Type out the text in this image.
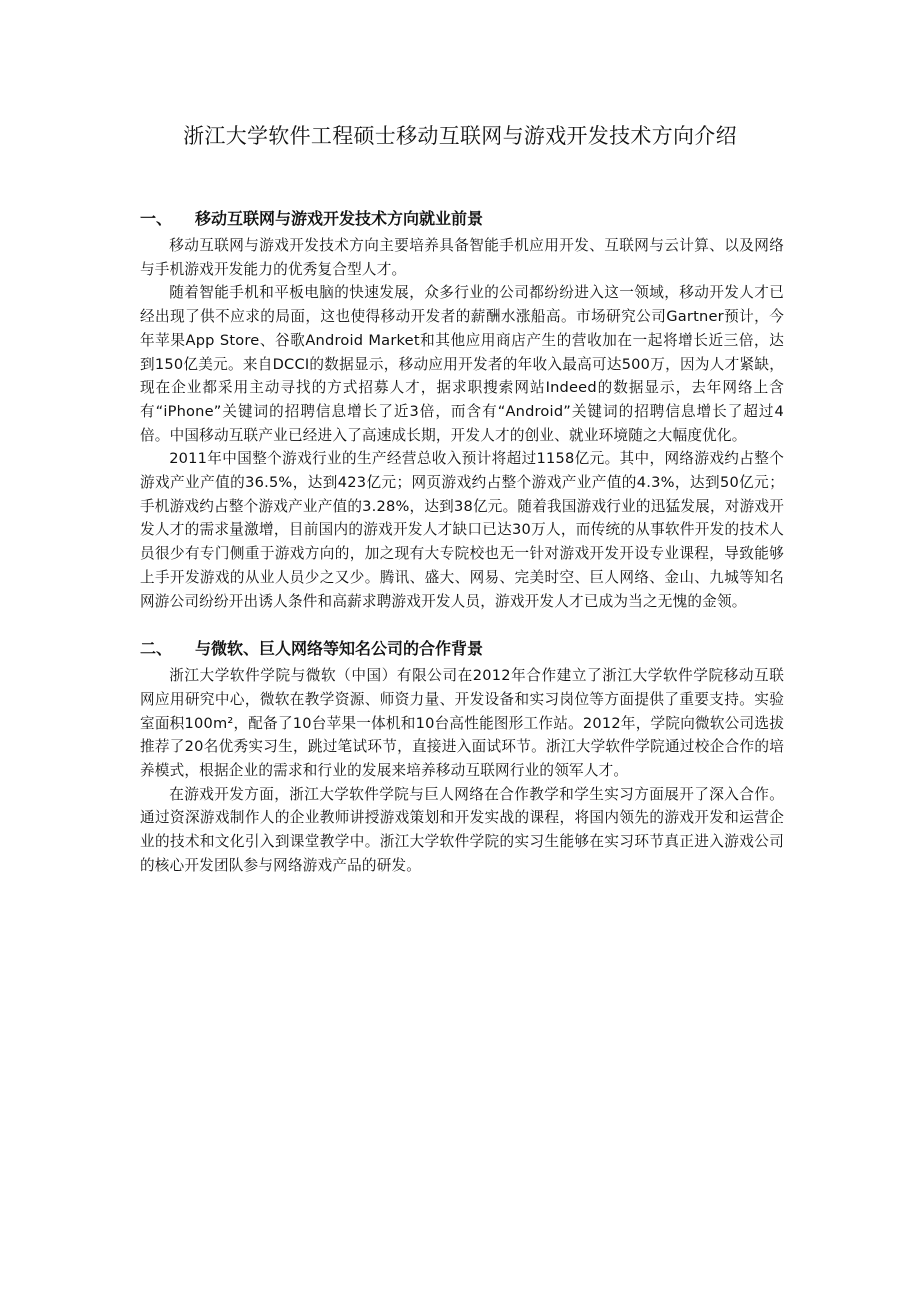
浙江大学软件工程硕士移动互联网与游戏开发技术方向介绍
一、	移动互联网与游戏开发技术方向就业前景

移动互联网与游戏开发技术方向主要培养具备智能手机应用开发、互联网与云计算、以及网络与手机游戏开发能力的优秀复合型人才。

随着智能手机和平板电脑的快速发展，众多行业的公司都纷纷进入这一领域，移动开发人才已经出现了供不应求的局面，这也使得移动开发者的薪酬水涨船高。市场研究公司Gartner预计，今年苹果App Store、谷歌Android Market和其他应用商店产生的营收加在一起将增长近三倍，达到150亿美元。来自DCCI的数据显示，移动应用开发者的年收入最高可达500万，因为人才紧缺，现在企业都采用主动寻找的方式招募人才，据求职搜索网站Indeed的数据显示，去年网络上含有“iPhone”关键词的招聘信息增长了近3倍，而含有“Android”关键词的招聘信息增长了超过4倍。中国移动互联产业已经进入了高速成长期，开发人才的创业、就业环境随之大幅度优化。

2011年中国整个游戏行业的生产经营总收入预计将超过1158亿元。其中，网络游戏约占整个游戏产业产值的36.5%，达到423亿元；网页游戏约占整个游戏产业产值的4.3%，达到50亿元；手机游戏约占整个游戏产业产值的3.28%，达到38亿元。随着我国游戏行业的迅猛发展，对游戏开发人才的需求量激增，目前国内的游戏开发人才缺口已达30万人，而传统的从事软件开发的技术人员很少有专门侧重于游戏方向的，加之现有大专院校也无一针对游戏开发开设专业课程，导致能够上手开发游戏的从业人员少之又少。腾讯、盛大、网易、完美时空、巨人网络、金山、九城等知名网游公司纷纷开出诱人条件和高薪求聘游戏开发人员，游戏开发人才已成为当之无愧的金领。

二、	与微软、巨人网络等知名公司的合作背景

浙江大学软件学院与微软（中国）有限公司在2012年合作建立了浙江大学软件学院移动互联网应用研究中心，微软在教学资源、师资力量、开发设备和实习岗位等方面提供了重要支持。实验室面积100m²，配备了10台苹果一体机和10台高性能图形工作站。2012年，学院向微软公司选拔推荐了20名优秀实习生，跳过笔试环节，直接进入面试环节。浙江大学软件学院通过校企合作的培养模式，根据企业的需求和行业的发展来培养移动互联网行业的领军人才。

在游戏开发方面，浙江大学软件学院与巨人网络在合作教学和学生实习方面展开了深入合作。通过资深游戏制作人的企业教师讲授游戏策划和开发实战的课程，将国内领先的游戏开发和运营企业的技术和文化引入到课堂教学中。浙江大学软件学院的实习生能够在实习环节真正进入游戏公司的核心开发团队参与网络游戏产品的研发。
